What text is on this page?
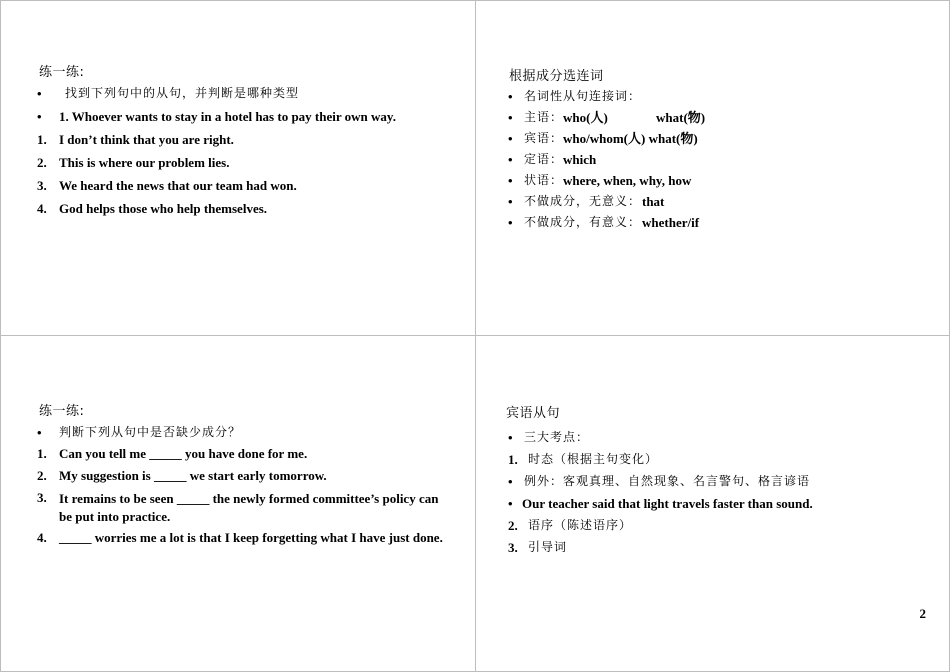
练一练:
• 找到下列句中的从句，并判断是哪种类型
• 1. Whoever wants to stay in a hotel has to pay their own way.
1. I don’t think that you are right.
2. This is where our problem lies.
3. We heard the news that our team had won.
4. God helps those who help themselves.
根据成分选连词
• 名词性从句连接词：
• 主语： who(人)	what(物)
• 宾语： who/whom(人) what(物)
• 定语： which
• 状语： where, when, why, how
• 不做成分，无意义： that
• 不做成分，有意义： whether/if
练一练:
• 判断下列从句中是否缺少成分？
1. Can you tell me _____ you have done for me.
2. My suggestion is _____ we start early tomorrow.
3. It remains to be seen _____ the newly formed committee’s policy can be put into practice.
4. _____ worries me a lot is that I keep forgetting what I have just done.
宾语从句
• 三大考点：
1. 时态（根据主句变化）
• 例外：客观真理、自然现象、名言警句、格言谚语
• Our teacher said that light travels faster than sound.
2. 语序（陈述语序）
3. 引导词
2
